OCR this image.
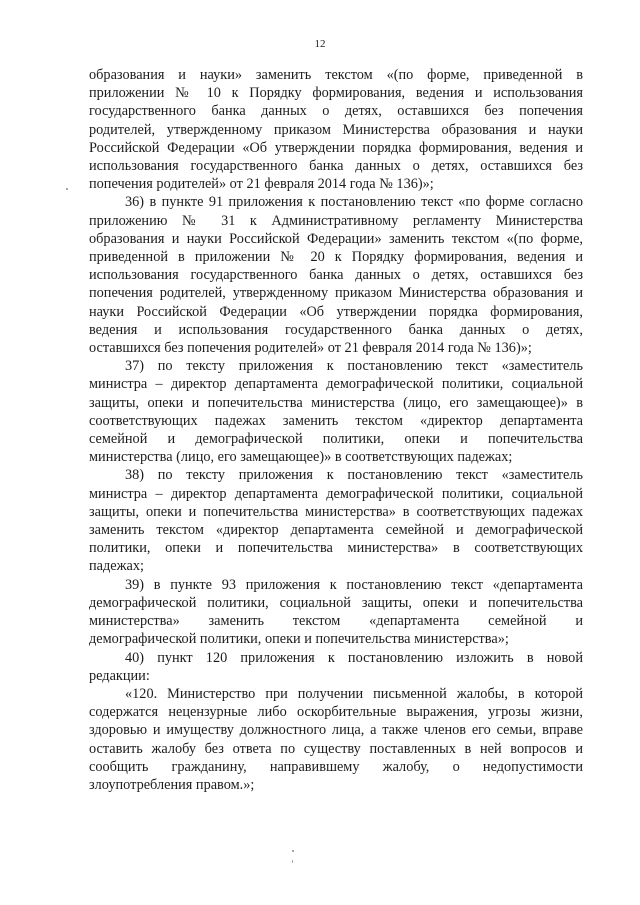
12

образования и науки» заменить текстом «(по форме, приведенной в

приложении № 10 к Порядку формирования, ведения и использования

государственного банка данных о детях, оставшихся без попечения

родителей, утвержденному приказом Министерства образования и науки

Российской Федерации «Об утверждении порядка формирования, ведения и

использования государственного банка данных о детях, оставшихся без

попечения родителей» от 21 февраля 2014 года № 136)»;

36) в пункте 91 приложения к постановлению текст «по форме согласно

приложению № 31 к Административному регламенту Министерства

образования и науки Российской Федерации» заменить текстом «(по форме,

приведенной в приложении № 20 к Порядку формирования, ведения и

использования государственного банка данных о детях, оставшихся без

попечения родителей, утвержденному приказом Министерства образования и

науки Российской Федерации «Об утверждении порядка формирования,

ведения и использования государственного банка данных о детях,

оставшихся без попечения родителей» от 21 февраля 2014 года № 136)»;

37) по тексту приложения к постановлению текст «заместитель

министра – директор департамента демографической политики, социальной

защиты, опеки и попечительства министерства (лицо, его замещающее)» в

соответствующих падежах заменить текстом «директор департамента

семейной и демографической политики, опеки и попечительства

министерства (лицо, его замещающее)» в соответствующих падежах;

38) по тексту приложения к постановлению текст «заместитель

министра – директор департамента демографической политики, социальной

защиты, опеки и попечительства министерства» в соответствующих падежах

заменить текстом «директор департамента семейной и демографической

политики, опеки и попечительства министерства» в соответствующих

падежах;

39) в пункте 93 приложения к постановлению текст «департамента

демографической политики, социальной защиты, опеки и попечительства

министерства» заменить текстом «департамента семейной и

демографической политики, опеки и попечительства министерства»;

40) пункт 120 приложения к постановлению изложить в новой

редакции:

«120. Министерство при получении письменной жалобы, в которой

содержатся нецензурные либо оскорбительные выражения, угрозы жизни,

здоровью и имуществу должностного лица, а также членов его семьи, вправе

оставить жалобу без ответа по существу поставленных в ней вопросов и

сообщить гражданину, направившему жалобу, о недопустимости

злоупотребления правом.»;
